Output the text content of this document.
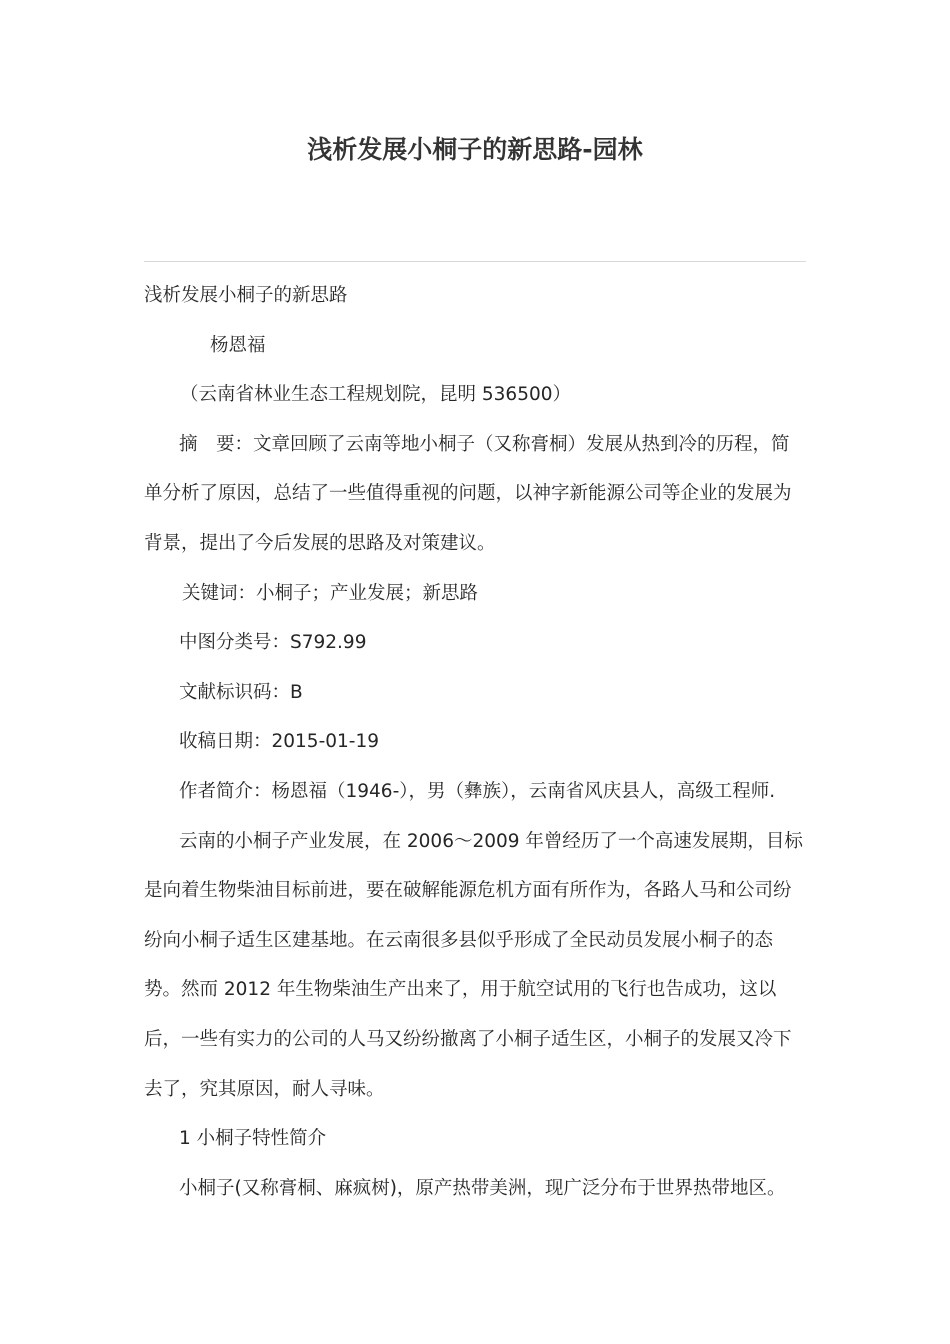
浅析发展小桐子的新思路-园林

浅析发展小桐子的新思路

杨恩福

（云南省林业生态工程规划院，昆明 536500）

摘　要：文章回顾了云南等地小桐子（又称膏桐）发展从热到冷的历程，简单分析了原因，总结了一些值得重视的问题，以神字新能源公司等企业的发展为背景，提出了今后发展的思路及对策建议。

关键词：小桐子；产业发展；新思路

中图分类号：S792.99

文献标识码：B

收稿日期：2015-01-19

作者简介：杨恩福（1946-），男（彝族），云南省风庆县人，高级工程师.

云南的小桐子产业发展，在 2006～2009 年曾经历了一个高速发展期，目标是向着生物柴油目标前进，要在破解能源危机方面有所作为，各路人马和公司纷纷向小桐子适生区建基地。在云南很多县似乎形成了全民动员发展小桐子的态势。然而 2012 年生物柴油生产出来了，用于航空试用的飞行也告成功，这以后，一些有实力的公司的人马又纷纷撤离了小桐子适生区，小桐子的发展又冷下去了，究其原因，耐人寻味。

1 小桐子特性简介

小桐子(又称膏桐、麻疯树)，原产热带美洲，现广泛分布于世界热带地区。
